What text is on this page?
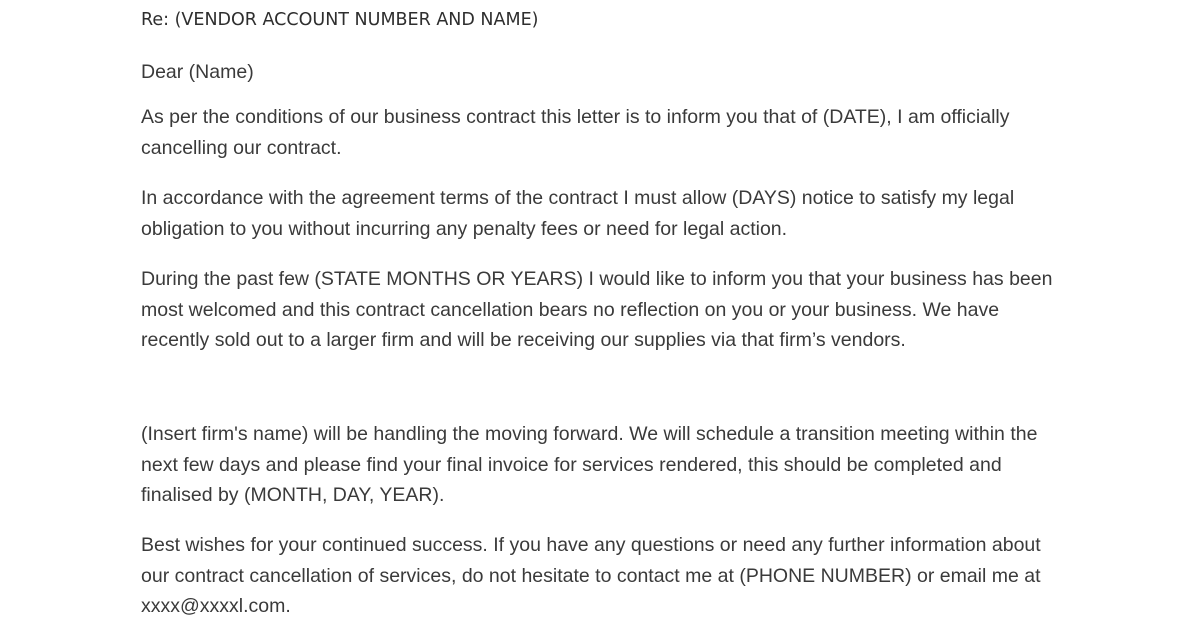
Re: (VENDOR ACCOUNT NUMBER AND NAME)

Dear (Name)

As per the conditions of our business contract this letter is to inform you that of (DATE), I am officially cancelling our contract.

In accordance with the agreement terms of the contract I must allow (DAYS) notice to satisfy my legal obligation to you without incurring any penalty fees or need for legal action.

During the past few (STATE MONTHS OR YEARS) I would like to inform you that your business has been most welcomed and this contract cancellation bears no reflection on you or your business. We have recently sold out to a larger firm and will be receiving our supplies via that firm’s vendors.

(Insert firm's name) will be handling the moving forward. We will schedule a transition meeting within the next few days and please find your final invoice for services rendered, this should be completed and finalised by (MONTH, DAY, YEAR).

Best wishes for your continued success. If you have any questions or need any further information about our contract cancellation of services, do not hesitate to contact me at (PHONE NUMBER) or email me at xxxx@xxxxl.com.
